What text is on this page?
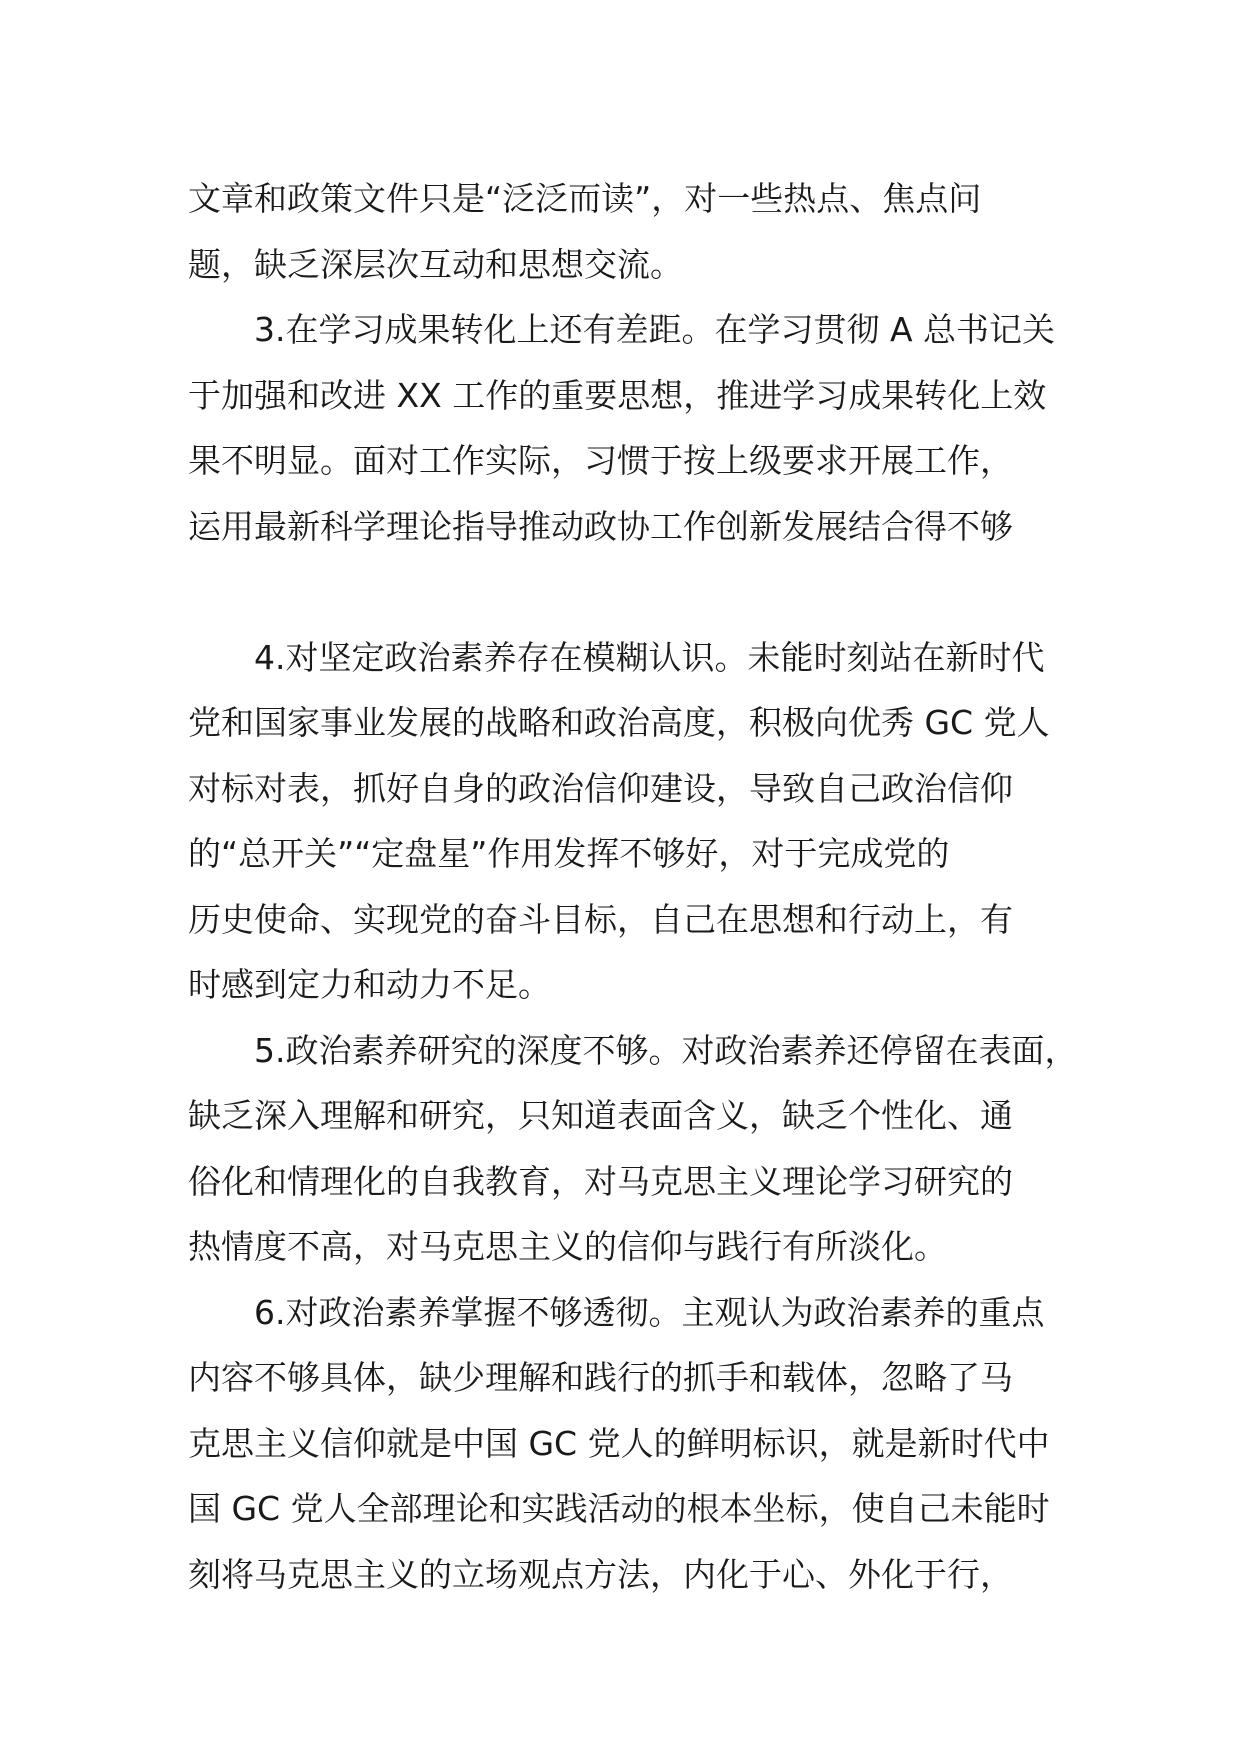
文章和政策文件只是“泛泛而读”，对一些热点、焦点问
题，缺乏深层次互动和思想交流。
3.在学习成果转化上还有差距。在学习贯彻 A 总书记关
于加强和改进 XX 工作的重要思想，推进学习成果转化上效
果不明显。面对工作实际，习惯于按上级要求开展工作，
运用最新科学理论指导推动政协工作创新发展结合得不够
4.对坚定政治素养存在模糊认识。未能时刻站在新时代
党和国家事业发展的战略和政治高度，积极向优秀 GC 党人
对标对表，抓好自身的政治信仰建设，导致自己政治信仰
的“总开关”“定盘星”作用发挥不够好，对于完成党的
历史使命、实现党的奋斗目标，自己在思想和行动上，有
时感到定力和动力不足。
5.政治素养研究的深度不够。对政治素养还停留在表面，
缺乏深入理解和研究，只知道表面含义，缺乏个性化、通
俗化和情理化的自我教育，对马克思主义理论学习研究的
热情度不高，对马克思主义的信仰与践行有所淡化。
6.对政治素养掌握不够透彻。主观认为政治素养的重点
内容不够具体，缺少理解和践行的抓手和载体，忽略了马
克思主义信仰就是中国 GC 党人的鲜明标识，就是新时代中
国 GC 党人全部理论和实践活动的根本坐标，使自己未能时
刻将马克思主义的立场观点方法，内化于心、外化于行，
